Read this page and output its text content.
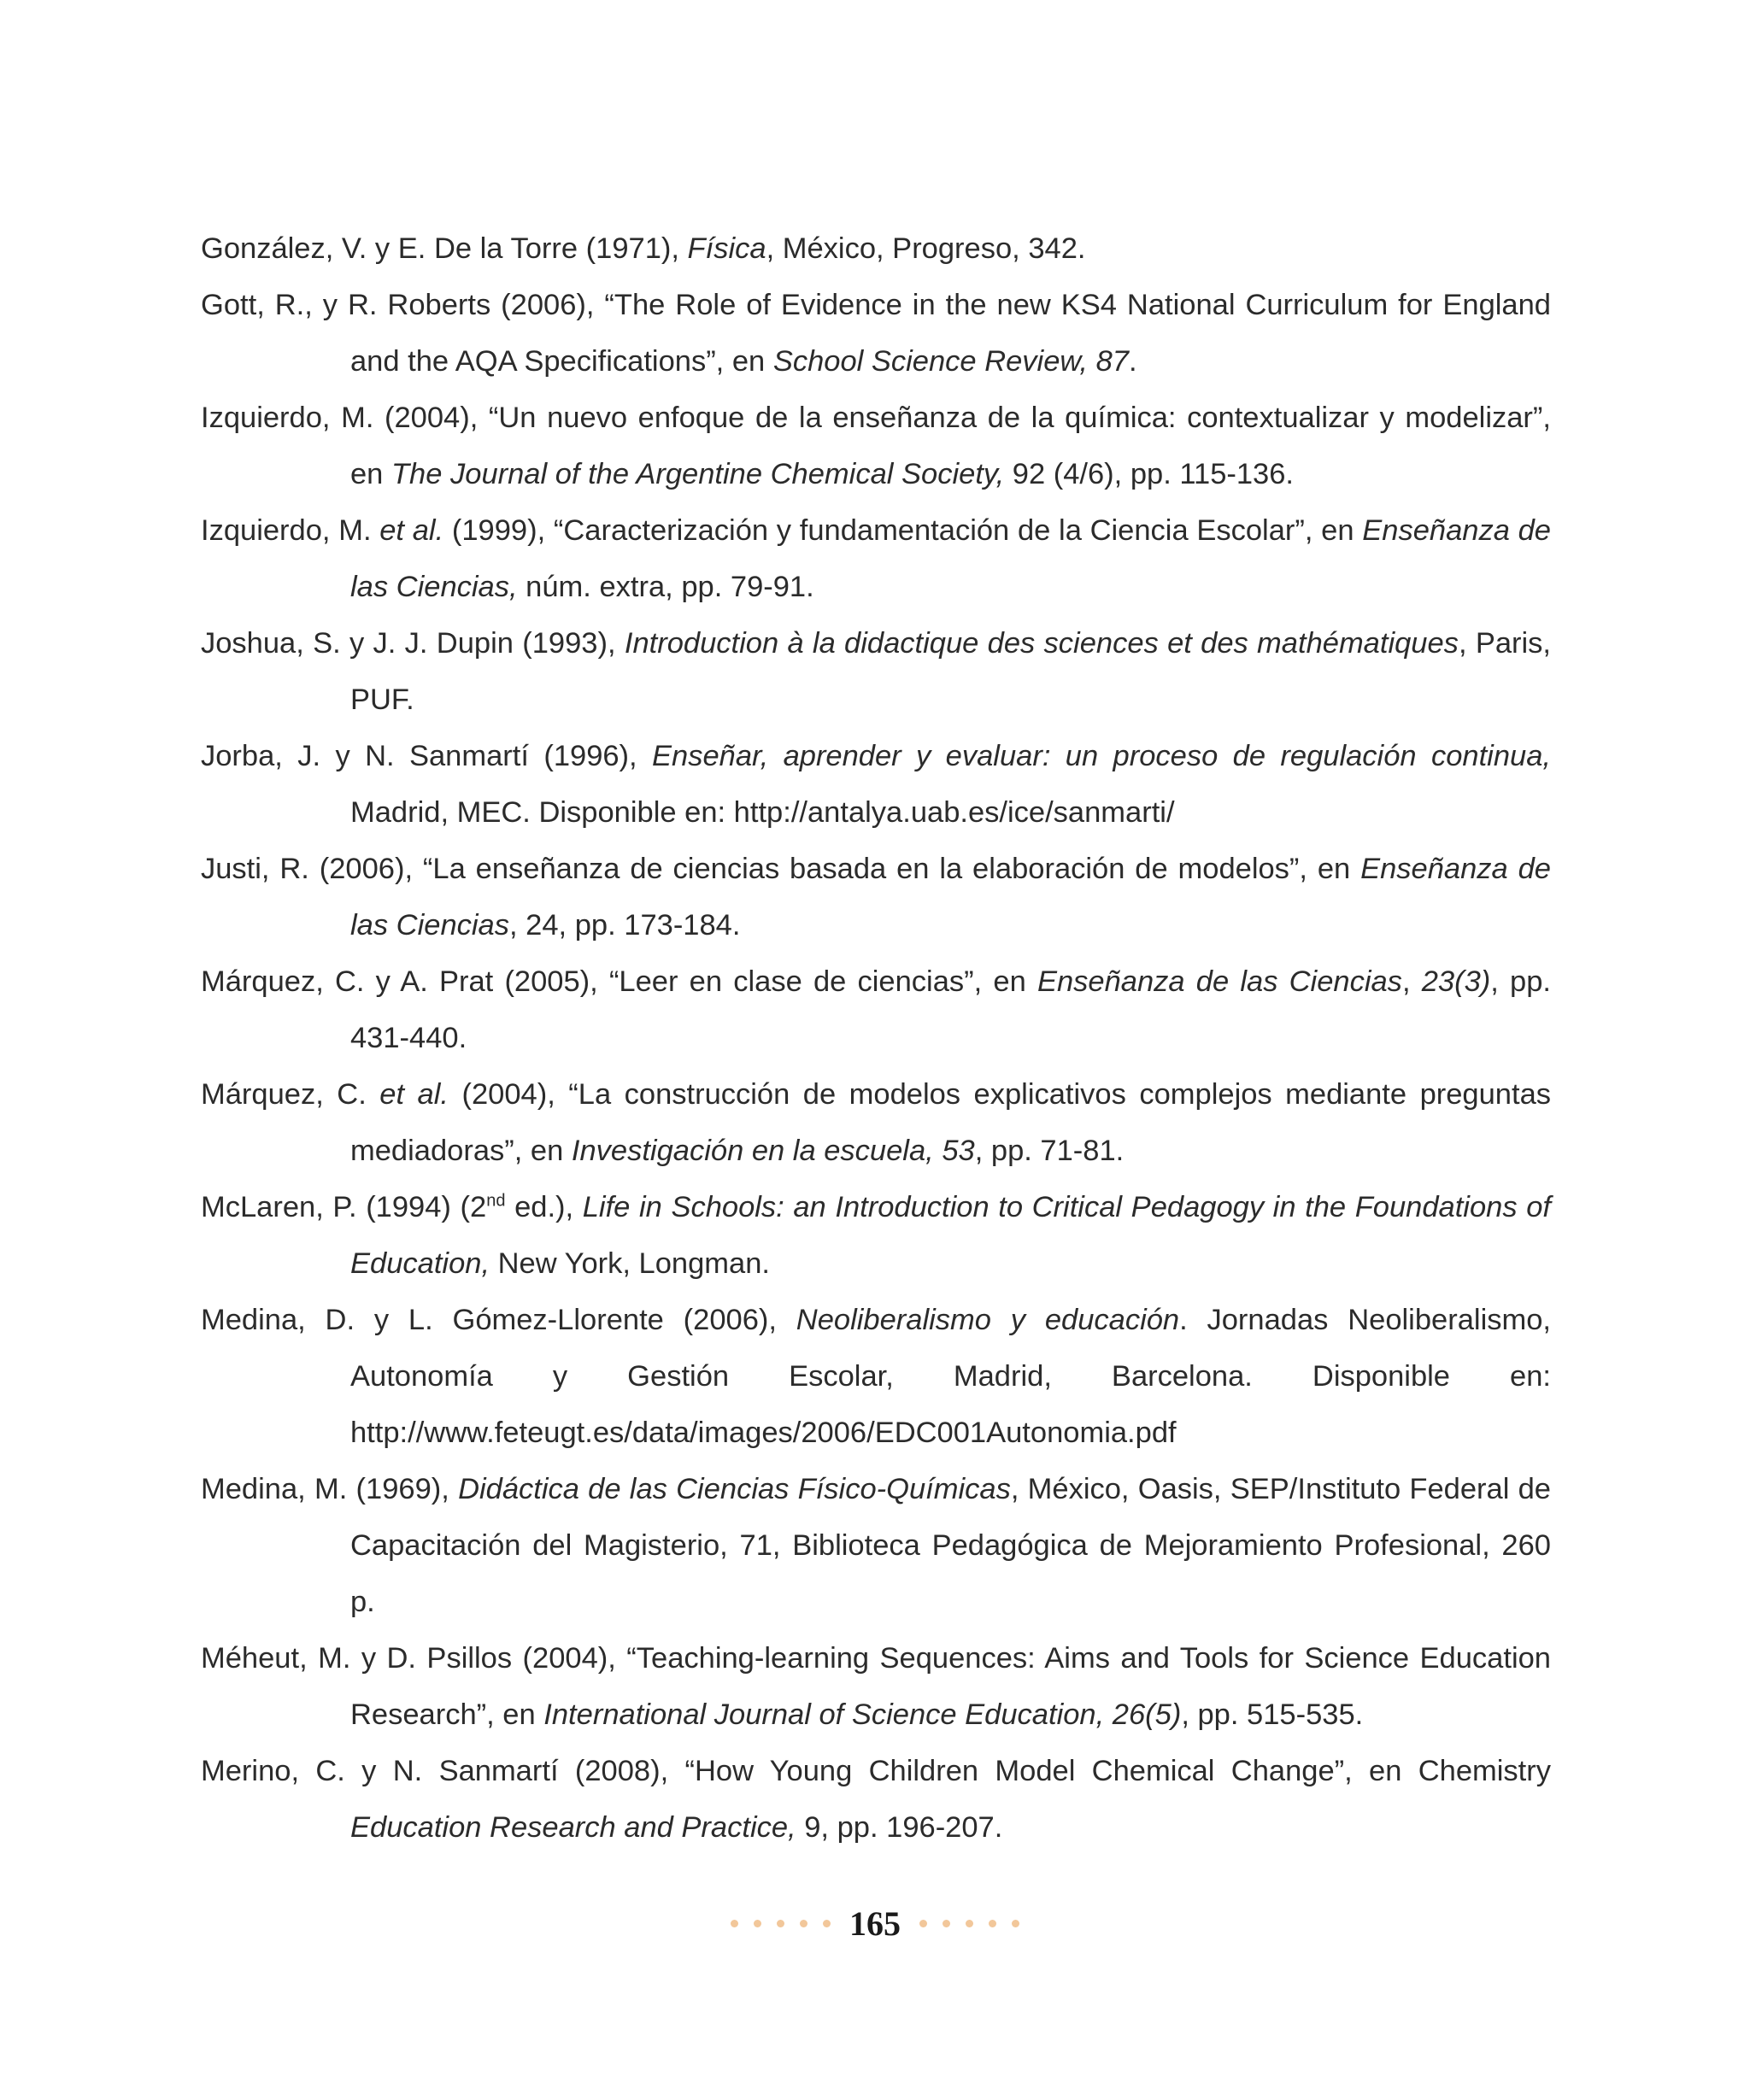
González, V. y E. De la Torre (1971), Física, México, Progreso, 342.

Gott, R., y R. Roberts (2006), “The Role of Evidence in the new KS4 National Curriculum for England and the AQA Specifications”, en School Science Review, 87.

Izquierdo, M. (2004), “Un nuevo enfoque de la enseñanza de la química: contextualizar y modelizar”, en The Journal of the Argentine Chemical Society, 92 (4/6), pp. 115-136.

Izquierdo, M. et al. (1999), “Caracterización y fundamentación de la Ciencia Escolar”, en Enseñanza de las Ciencias, núm. extra, pp. 79-91.

Joshua, S. y J. J. Dupin (1993), Introduction à la didactique des sciences et des mathématiques, Paris, PUF.

Jorba, J. y N. Sanmartí (1996), Enseñar, aprender y evaluar: un proceso de regulación continua, Madrid, MEC. Disponible en: http://antalya.uab.es/ice/sanmarti/

Justi, R. (2006), “La enseñanza de ciencias basada en la elaboración de modelos”, en Enseñanza de las Ciencias, 24, pp. 173-184.

Márquez, C. y A. Prat (2005), “Leer en clase de ciencias”, en Enseñanza de las Ciencias, 23(3), pp. 431-440.

Márquez, C. et al. (2004), “La construcción de modelos explicativos complejos mediante preguntas mediadoras”, en Investigación en la escuela, 53, pp. 71-81.

McLaren, P. (1994) (2nd ed.), Life in Schools: an Introduction to Critical Pedagogy in the Foundations of Education, New York, Longman.

Medina, D. y L. Gómez-Llorente (2006), Neoliberalismo y educación. Jornadas Neoliberalismo, Autonomía y Gestión Escolar, Madrid, Barcelona. Disponible en: http://www.feteugt.es/data/images/2006/EDC001Autonomia.pdf

Medina, M. (1969), Didáctica de las Ciencias Físico-Químicas, México, Oasis, SEP/Instituto Federal de Capacitación del Magisterio, 71, Biblioteca Pedagógica de Mejoramiento Profesional, 260 p.

Méheut, M. y D. Psillos (2004), “Teaching-learning Sequences: Aims and Tools for Science Education Research”, en International Journal of Science Education, 26(5), pp. 515-535.

Merino, C. y N. Sanmartí (2008), “How Young Children Model Chemical Change”, en Chemistry Education Research and Practice, 9, pp. 196-207.

165
